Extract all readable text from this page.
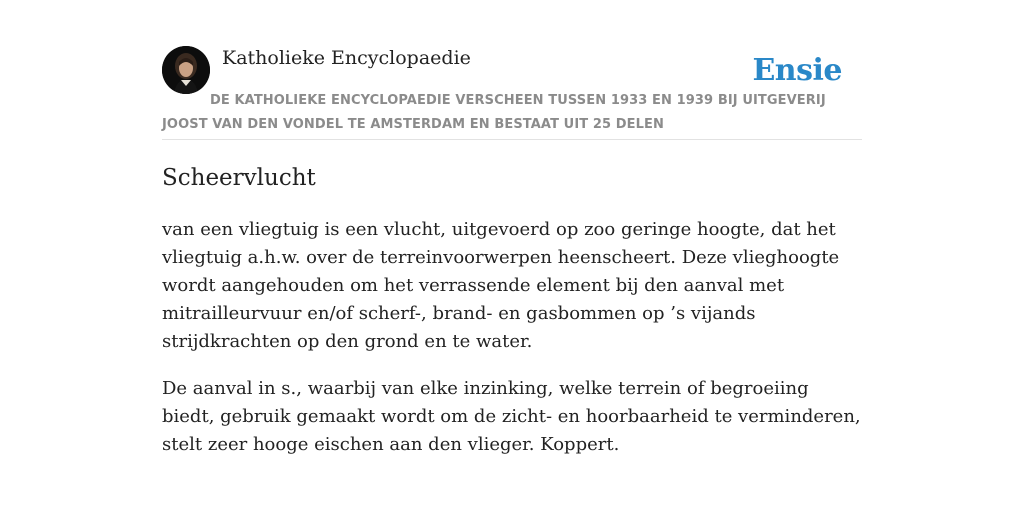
Katholieke Encyclopaedie	Ensie
DE KATHOLIEKE ENCYCLOPAEDIE VERSCHEEN TUSSEN 1933 EN 1939 BIJ UITGEVERIJ JOOST VAN DEN VONDEL TE AMSTERDAM EN BESTAAT UIT 25 DELEN
Scheervlucht

van een vliegtuig is een vlucht, uitgevoerd op zoo geringe hoogte, dat het vliegtuig a.h.w. over de terreinvoorwerpen heenscheert. Deze vlieghoogte wordt aangehouden om het verrassende element bij den aanval met mitrailleurvuur en/of scherf-, brand- en gasbommen op ’s vijands strijdkrachten op den grond en te water.

De aanval in s., waarbij van elke inzinking, welke terrein of begroeiing biedt, gebruik gemaakt wordt om de zicht- en hoorbaarheid te verminderen, stelt zeer hooge eischen aan den vlieger. Koppert.
